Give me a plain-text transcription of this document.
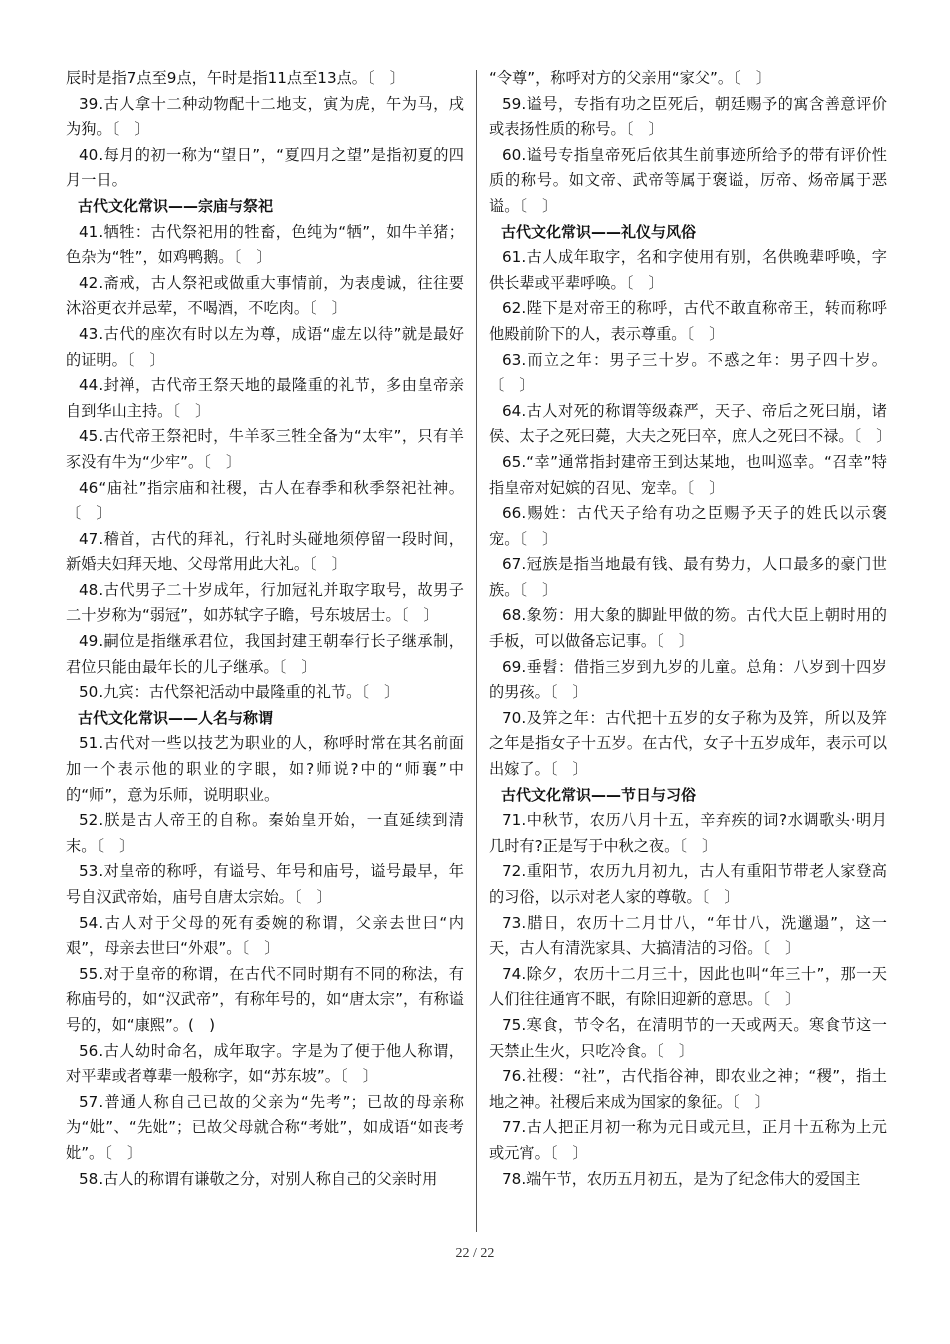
辰时是指7点至9点，午时是指11点至13点。〔　〕

39.古人拿十二种动物配十二地支，寅为虎，午为马，戌为狗。〔　〕

40.每月的初一称为“望日”，“夏四月之望”是指初夏的四月一日。

古代文化常识——宗庙与祭祀

41.牺牲：古代祭祀用的牲畜，色纯为“牺”，如牛羊猪；色杂为“牲”，如鸡鸭鹅。〔　〕

42.斋戒，古人祭祀或做重大事情前，为表虔诚，往往要沐浴更衣并忌荤，不喝酒，不吃肉。〔　〕

43.古代的座次有时以左为尊，成语“虚左以待”就是最好的证明。〔　〕

44.封禅，古代帝王祭天地的最隆重的礼节，多由皇帝亲自到华山主持。〔　〕

45.古代帝王祭祀时，牛羊豕三牲全备为“太牢”，只有羊豕没有牛为“少牢”。〔　〕

46“庙社”指宗庙和社稷，古人在春季和秋季祭祀社神。〔　〕

47.稽首，古代的拜礼，行礼时头碰地须停留一段时间，新婚夫妇拜天地、父母常用此大礼。〔　〕

48.古代男子二十岁成年，行加冠礼并取字取号，故男子二十岁称为“弱冠”，如苏轼字子瞻，号东坡居士。〔　〕

49.嗣位是指继承君位，我国封建王朝奉行长子继承制，君位只能由最年长的儿子继承。〔　〕

50.九宾：古代祭祀活动中最隆重的礼节。〔　〕

古代文化常识——人名与称谓

51.古代对一些以技艺为职业的人，称呼时常在其名前面加一个表示他的职业的字眼，如?师说?中的“师襄”中的“师”，意为乐师，说明职业。

52.朕是古人帝王的自称。秦始皇开始，一直延续到清末。〔　〕

53.对皇帝的称呼，有谥号、年号和庙号，谥号最早，年号自汉武帝始，庙号自唐太宗始。〔　〕

54.古人对于父母的死有委婉的称谓，父亲去世曰“内艰”，母亲去世曰“外艰”。〔　〕

55.对于皇帝的称谓，在古代不同时期有不同的称法，有称庙号的，如“汉武帝”，有称年号的，如“唐太宗”，有称谥号的，如“康熙”。(　)

56.古人幼时命名，成年取字。字是为了便于他人称谓，对平辈或者尊辈一般称字，如“苏东坡”。〔　〕

57.普通人称自己已故的父亲为“先考”；已故的母亲称为“妣”、“先妣”；已故父母就合称“考妣”，如成语“如丧考妣”。〔　〕

58.古人的称谓有谦敬之分，对别人称自己的父亲时用

“令尊”，称呼对方的父亲用“家父”。〔　〕

59.谥号，专指有功之臣死后，朝廷赐予的寓含善意评价或表扬性质的称号。〔　〕

60.谥号专指皇帝死后依其生前事迹所给予的带有评价性质的称号。如文帝、武帝等属于褒谥，厉帝、炀帝属于恶谥。〔　〕

古代文化常识——礼仪与风俗

61.古人成年取字，名和字使用有别，名供晚辈呼唤，字供长辈或平辈呼唤。〔　〕

62.陛下是对帝王的称呼，古代不敢直称帝王，转而称呼他殿前阶下的人，表示尊重。〔　〕

63.而立之年：男子三十岁。不惑之年：男子四十岁。〔　〕

64.古人对死的称谓等级森严，天子、帝后之死曰崩，诸侯、太子之死曰薨，大夫之死曰卒，庶人之死曰不禄。〔　〕

65.“幸”通常指封建帝王到达某地，也叫巡幸。“召幸”特指皇帝对妃嫔的召见、宠幸。〔　〕

66.赐姓：古代天子给有功之臣赐予天子的姓氏以示褒宠。〔　〕

67.冠族是指当地最有钱、最有势力，人口最多的豪门世族。〔　〕

68.象笏：用大象的脚趾甲做的笏。古代大臣上朝时用的手板，可以做备忘记事。〔　〕

69.垂髫：借指三岁到九岁的儿童。总角：八岁到十四岁的男孩。〔　〕

70.及笄之年：古代把十五岁的女子称为及笄，所以及笄之年是指女子十五岁。在古代，女子十五岁成年，表示可以出嫁了。〔　〕

古代文化常识——节日与习俗

71.中秋节，农历八月十五，辛弃疾的词?水调歌头·明月几时有?正是写于中秋之夜。〔　〕

72.重阳节，农历九月初九，古人有重阳节带老人家登高的习俗，以示对老人家的尊敬。〔　〕

73.腊日，农历十二月廿八，“年廿八，洗邋遢”，这一天，古人有清洗家具、大搞清洁的习俗。〔　〕

74.除夕，农历十二月三十，因此也叫“年三十”，那一天人们往往通宵不眠，有除旧迎新的意思。〔　〕

75.寒食，节令名，在清明节的一天或两天。寒食节这一天禁止生火，只吃冷食。〔　〕

76.社稷：“社”，古代指谷神，即农业之神；“稷”，指土地之神。社稷后来成为国家的象征。〔　〕

77.古人把正月初一称为元日或元旦，正月十五称为上元或元宵。〔　〕

78.端午节，农历五月初五，是为了纪念伟大的爱国主

22 / 22
